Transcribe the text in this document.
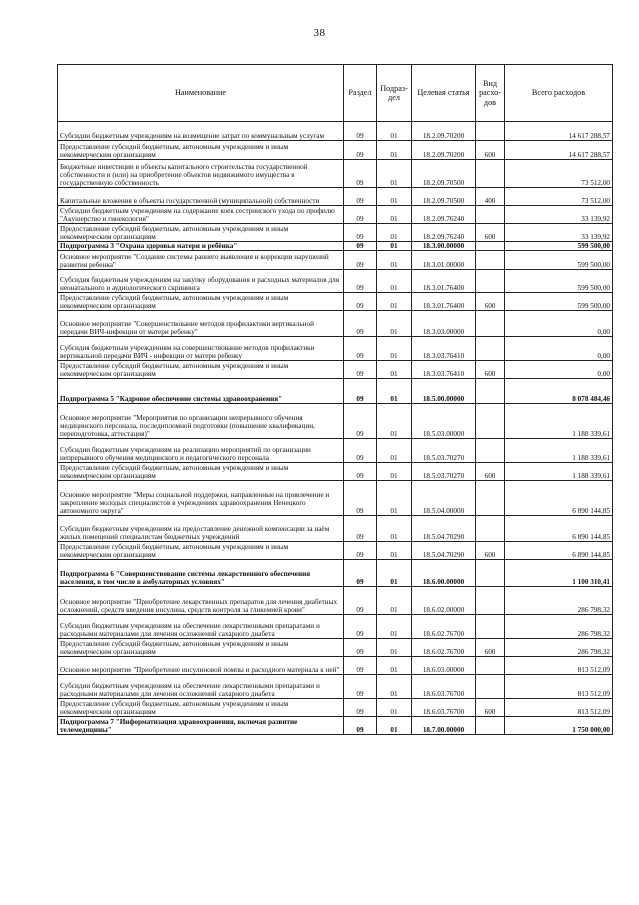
38
Наименование	Раздел	Подраз-дел	Целевая статья	Вид расхо-дов	Всего расходов
Субсидии бюджетным учреждениям на возмещение затрат по коммунальным услугам	09	01	18.2.09.70200		14 617 288,57
Предоставление субсидий бюджетным, автономным учреждениям и иным некоммерческим организациям	09	01	18.2.09.70200	600	14 617 288,57
Бюджетные инвестиции в объекты капитального строительства государственной собственности и (или) на приобретение объектов недвижимого имущества в государственную собственность	09	01	18.2.09.70500		73 512,00
Капитальные вложения в объекты государственной (муниципальной) собственности	09	01	18.2.09.70500	400	73 512,00
Субсидии бюджетным учреждениям на содержание коек сестринского ухода по профилю "Акушерство и гинекология"	09	01	18.2.09.76240		33 139,92
Предоставление субсидий бюджетным, автономным учреждениям и иным некоммерческим организациям	09	01	18.2.09.76240	600	33 139,92
Подпрограмма 3 "Охрана здоровья матери и ребёнка"	09	01	18.3.00.00000		599 500,00
Основное мероприятие "Создание системы раннего выявления и коррекции нарушений развития ребенка"	09	01	18.3.01.00000		599 500,00
Субсидия бюджетным учреждениям на закупку оборудования и расходных материалов для неонатального и аудиологического скрининга	09	01	18.3.01.76400		599 500,00
Предоставление субсидий бюджетным, автономным учреждениям и иным некоммерческим организациям	09	01	18.3.01.76400	600	599 500,00
Основное мероприятие "Совершенствование методов профилактики вертикальной передачи ВИЧ-инфекции от матери ребенку"	09	01	18.3.03.00000		0,00
Субсидия бюджетным учреждениям на совершенствование методов профилактики вертикальной передачи ВИЧ - инфекции от матери ребенку	09	01	18.3.03.76410		0,00
Предоставление субсидий бюджетным, автономным учреждениям и иным некоммерческим организациям	09	01	18.3.03.76410	600	0,00
Подпрограмма 5 "Кадровое обеспечение системы здравоохранения"	09	01	18.5.00.00000		8 078 484,46
Основное мероприятие "Мероприятия по организации непрерывного обучения медицинского персонала, последипломной подготовки (повышение квалификации, переподготовка, аттестация)"	09	01	18.5.03.00000		1 188 339,61
Субсидии бюджетным учреждениям на реализацию мероприятий по организации непрерывного обучения медицинского и педагогического персонала	09	01	18.5.03.70270		1 188 339,61
Предоставление субсидий бюджетным, автономным учреждениям и иным некоммерческим организациям	09	01	18.5.03.70270	600	1 188 339,61
Основное мероприятие "Меры социальной поддержки, направленные на привлечение и закрепление молодых специалистов в учреждениях здравоохранения Ненецкого автономного округа"	09	01	18.5.04.00000		6 890 144,85
Субсидии бюджетным учреждениям на предоставление денежной компенсации за наём жилых помещений специалистам бюджетных учреждений	09	01	18.5.04.70290		6 890 144,85
Предоставление субсидий бюджетным, автономным учреждениям и иным некоммерческим организациям	09	01	18.5.04.70290	600	6 890 144,85
Подпрограмма 6 "Совершенствование системы лекарственного обеспечения населения, в том числе в амбулаторных условиях"	09	01	18.6.00.00000		1 100 310,41
Основное мероприятие "Приобретение лекарственных препаратов для лечения диабетных осложнений, средств введения инсулина, средств контроля за гликемией крови"	09	01	18.6.02.00000		286 798,32
Субсидии бюджетным учреждениям на обеспечение лекарственными препаратами и расходными материалами для лечения осложнений сахарного диабета	09	01	18.6.02.76700		286 798,32
Предоставление субсидий бюджетным, автономным учреждениям и иным некоммерческим организациям	09	01	18.6.02.76700	600	286 798,32
Основное мероприятие "Приобретение инсулиновой помпы и расходного материала к ней"	09	01	18.6.03.00000		813 512,09
Субсидии бюджетным учреждениям на обеспечение лекарственными препаратами и расходными материалами для лечения осложнений сахарного диабета	09	01	18.6.03.76700		813 512,09
Предоставление субсидий бюджетным, автономным учреждениям и иным некоммерческим организациям	09	01	18.6.03.76700	600	813 512,09
Подпрограмма 7 "Информатизация здравоохранения, включая развитие телемедицины"	09	01	18.7.00.00000		1 750 000,00
